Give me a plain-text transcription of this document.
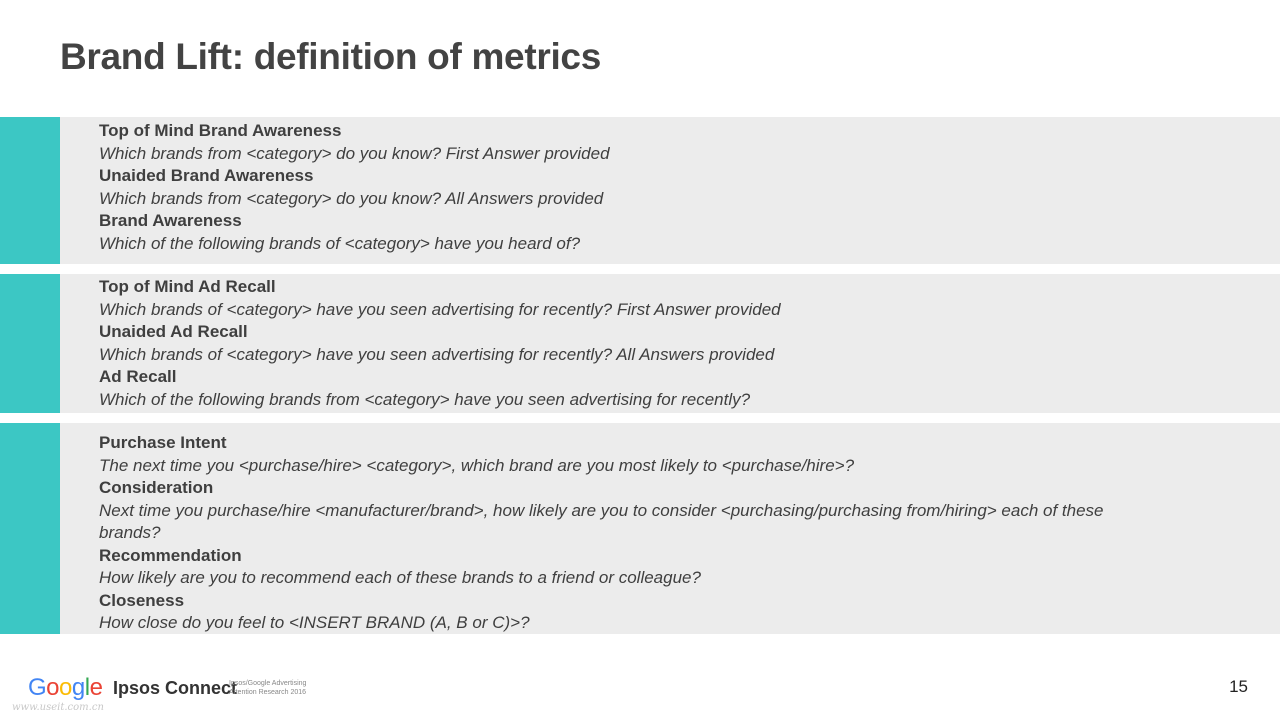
Brand Lift: definition of metrics
Top of Mind Brand Awareness
Which brands from <category> do you know? First Answer provided
Unaided Brand Awareness
Which brands from <category> do you know? All Answers provided
Brand Awareness
Which of the following brands of <category> have you heard of?
Top of Mind Ad Recall
Which brands of <category> have you seen advertising for recently? First Answer provided
Unaided Ad Recall
Which brands of <category> have you seen advertising for recently? All Answers provided
Ad Recall
Which of the following brands from <category> have you seen advertising for recently?
Purchase Intent
The next time you <purchase/hire> <category>, which brand are you most likely to <purchase/hire>?
Consideration
Next time you purchase/hire <manufacturer/brand>, how likely are you to consider <purchasing/purchasing from/hiring> each of these brands?
Recommendation
How likely are you to recommend each of these brands to a friend or colleague?
Closeness
How close do you feel to <INSERT BRAND (A, B or C)>?
Google Ipsos Connect
Ipsos/Google Advertising
Attention Research 2016
www.useit.com.cn
15
